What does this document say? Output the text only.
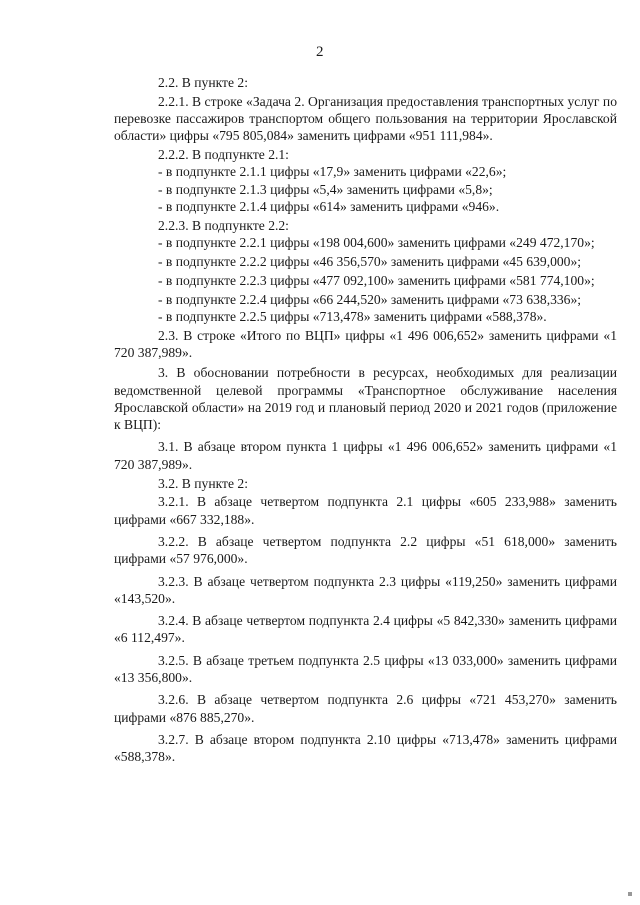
2

2.2. В пункте 2:

2.2.1. В строке «Задача 2. Организация предоставления транспортных услуг по перевозке пассажиров транспортом общего пользования на территории Ярославской области» цифры «795 805,084» заменить цифрами «951 111,984».

2.2.2. В подпункте 2.1:

- в подпункте 2.1.1 цифры «17,9» заменить цифрами «22,6»;

- в подпункте 2.1.3 цифры «5,4» заменить цифрами «5,8»;

- в подпункте 2.1.4 цифры «614» заменить цифрами «946».

2.2.3. В подпункте 2.2:

- в подпункте 2.2.1 цифры «198 004,600» заменить цифрами «249 472,170»;

- в подпункте 2.2.2 цифры «46 356,570» заменить цифрами «45 639,000»;

- в подпункте 2.2.3 цифры «477 092,100» заменить цифрами «581 774,100»;

- в подпункте 2.2.4 цифры «66 244,520» заменить цифрами «73 638,336»;

- в подпункте 2.2.5 цифры «713,478» заменить цифрами «588,378».

2.3. В строке «Итого по ВЦП» цифры «1 496 006,652» заменить цифрами «1 720 387,989».

3. В обосновании потребности в ресурсах, необходимых для реализации ведомственной целевой программы «Транспортное обслуживание населения Ярославской области» на 2019 год и плановый период 2020 и 2021 годов (приложение к ВЦП):

3.1. В абзаце втором пункта 1 цифры «1 496 006,652» заменить цифрами «1 720 387,989».

3.2. В пункте 2:

3.2.1. В абзаце четвертом подпункта 2.1 цифры «605 233,988» заменить цифрами «667 332,188».

3.2.2. В абзаце четвертом подпункта 2.2 цифры «51 618,000» заменить цифрами «57 976,000».

3.2.3. В абзаце четвертом подпункта 2.3 цифры «119,250» заменить цифрами «143,520».

3.2.4. В абзаце четвертом подпункта 2.4 цифры «5 842,330» заменить цифрами «6 112,497».

3.2.5. В абзаце третьем подпункта 2.5 цифры «13 033,000» заменить цифрами «13 356,800».

3.2.6. В абзаце четвертом подпункта 2.6 цифры «721 453,270» заменить цифрами «876 885,270».

3.2.7. В абзаце втором подпункта 2.10 цифры «713,478» заменить цифрами «588,378».
